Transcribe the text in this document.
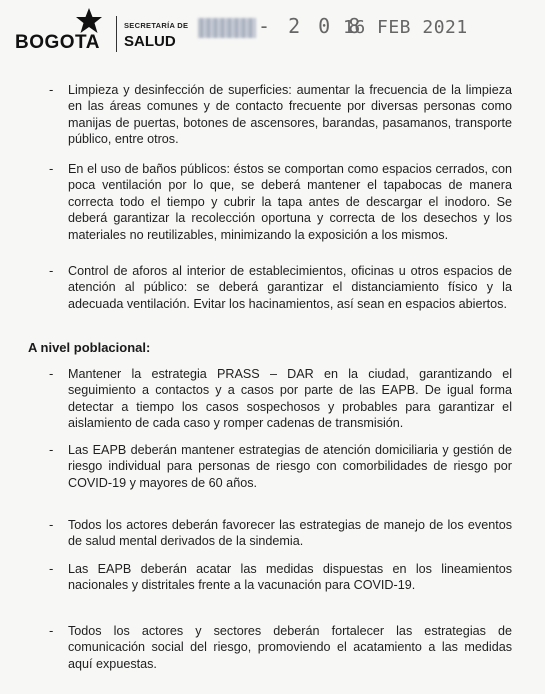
BOGOTA
SECRETARÍA DE
SALUD
- 2 0 8
16 FEB 2021
- Limpieza y desinfección de superficies: aumentar la frecuencia de la limpieza en las áreas comunes y de contacto frecuente por diversas personas como manijas de puertas, botones de ascensores, barandas, pasamanos, transporte público, entre otros.
- En el uso de baños públicos: éstos se comportan como espacios cerrados, con poca ventilación por lo que, se deberá mantener el tapabocas de manera correcta todo el tiempo y cubrir la tapa antes de descargar el inodoro. Se deberá garantizar la recolección oportuna y correcta de los desechos y los materiales no reutilizables, minimizando la exposición a los mismos.
- Control de aforos al interior de establecimientos, oficinas u otros espacios de atención al público: se deberá garantizar el distanciamiento físico y la adecuada ventilación. Evitar los hacinamientos, así sean en espacios abiertos.
A nivel poblacional:
- Mantener la estrategia PRASS – DAR en la ciudad, garantizando el seguimiento a contactos y a casos por parte de las EAPB. De igual forma detectar a tiempo los casos sospechosos y probables para garantizar el aislamiento de cada caso y romper cadenas de transmisión.
- Las EAPB deberán mantener estrategias de atención domiciliaria y gestión de riesgo individual para personas de riesgo con comorbilidades de riesgo por COVID-19 y mayores de 60 años.
- Todos los actores deberán favorecer las estrategias de manejo de los eventos de salud mental derivados de la sindemia.
- Las EAPB deberán acatar las medidas dispuestas en los lineamientos nacionales y distritales frente a la vacunación para COVID-19.
- Todos los actores y sectores deberán fortalecer las estrategias de comunicación social del riesgo, promoviendo el acatamiento a las medidas aquí expuestas.
